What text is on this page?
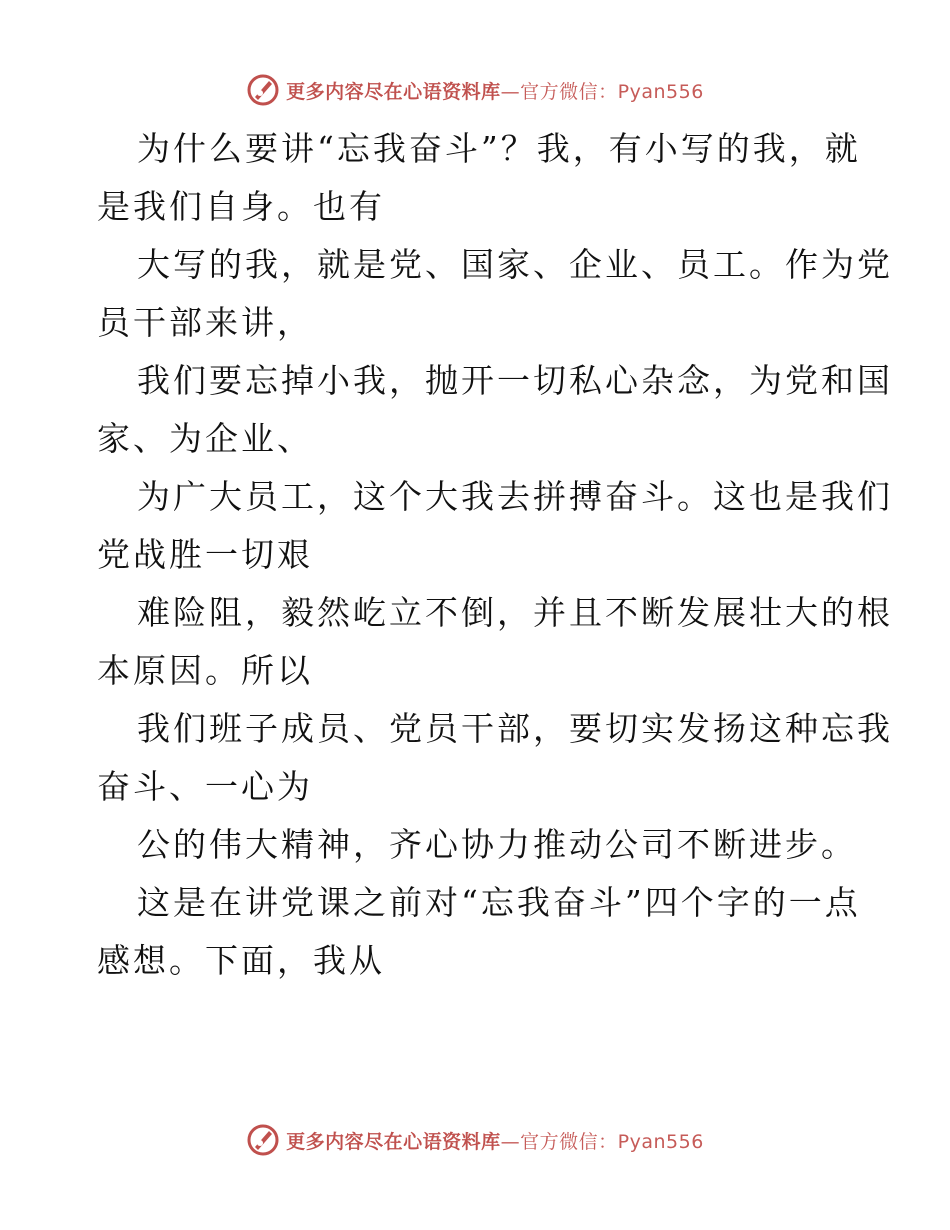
更多内容尽在心语资料库—官方微信：Pyan556
为什么要讲“忘我奋斗”？我，有小写的我，就
是我们自身。也有
大写的我，就是党、国家、企业、员工。作为党
员干部来讲，
我们要忘掉小我，抛开一切私心杂念，为党和国
家、为企业、
为广大员工，这个大我去拼搏奋斗。这也是我们
党战胜一切艰
难险阻，毅然屹立不倒，并且不断发展壮大的根
本原因。所以
我们班子成员、党员干部，要切实发扬这种忘我
奋斗、一心为
公的伟大精神，齐心协力推动公司不断进步。
这是在讲党课之前对“忘我奋斗”四个字的一点
感想。下面，我从
更多内容尽在心语资料库—官方微信：Pyan556
